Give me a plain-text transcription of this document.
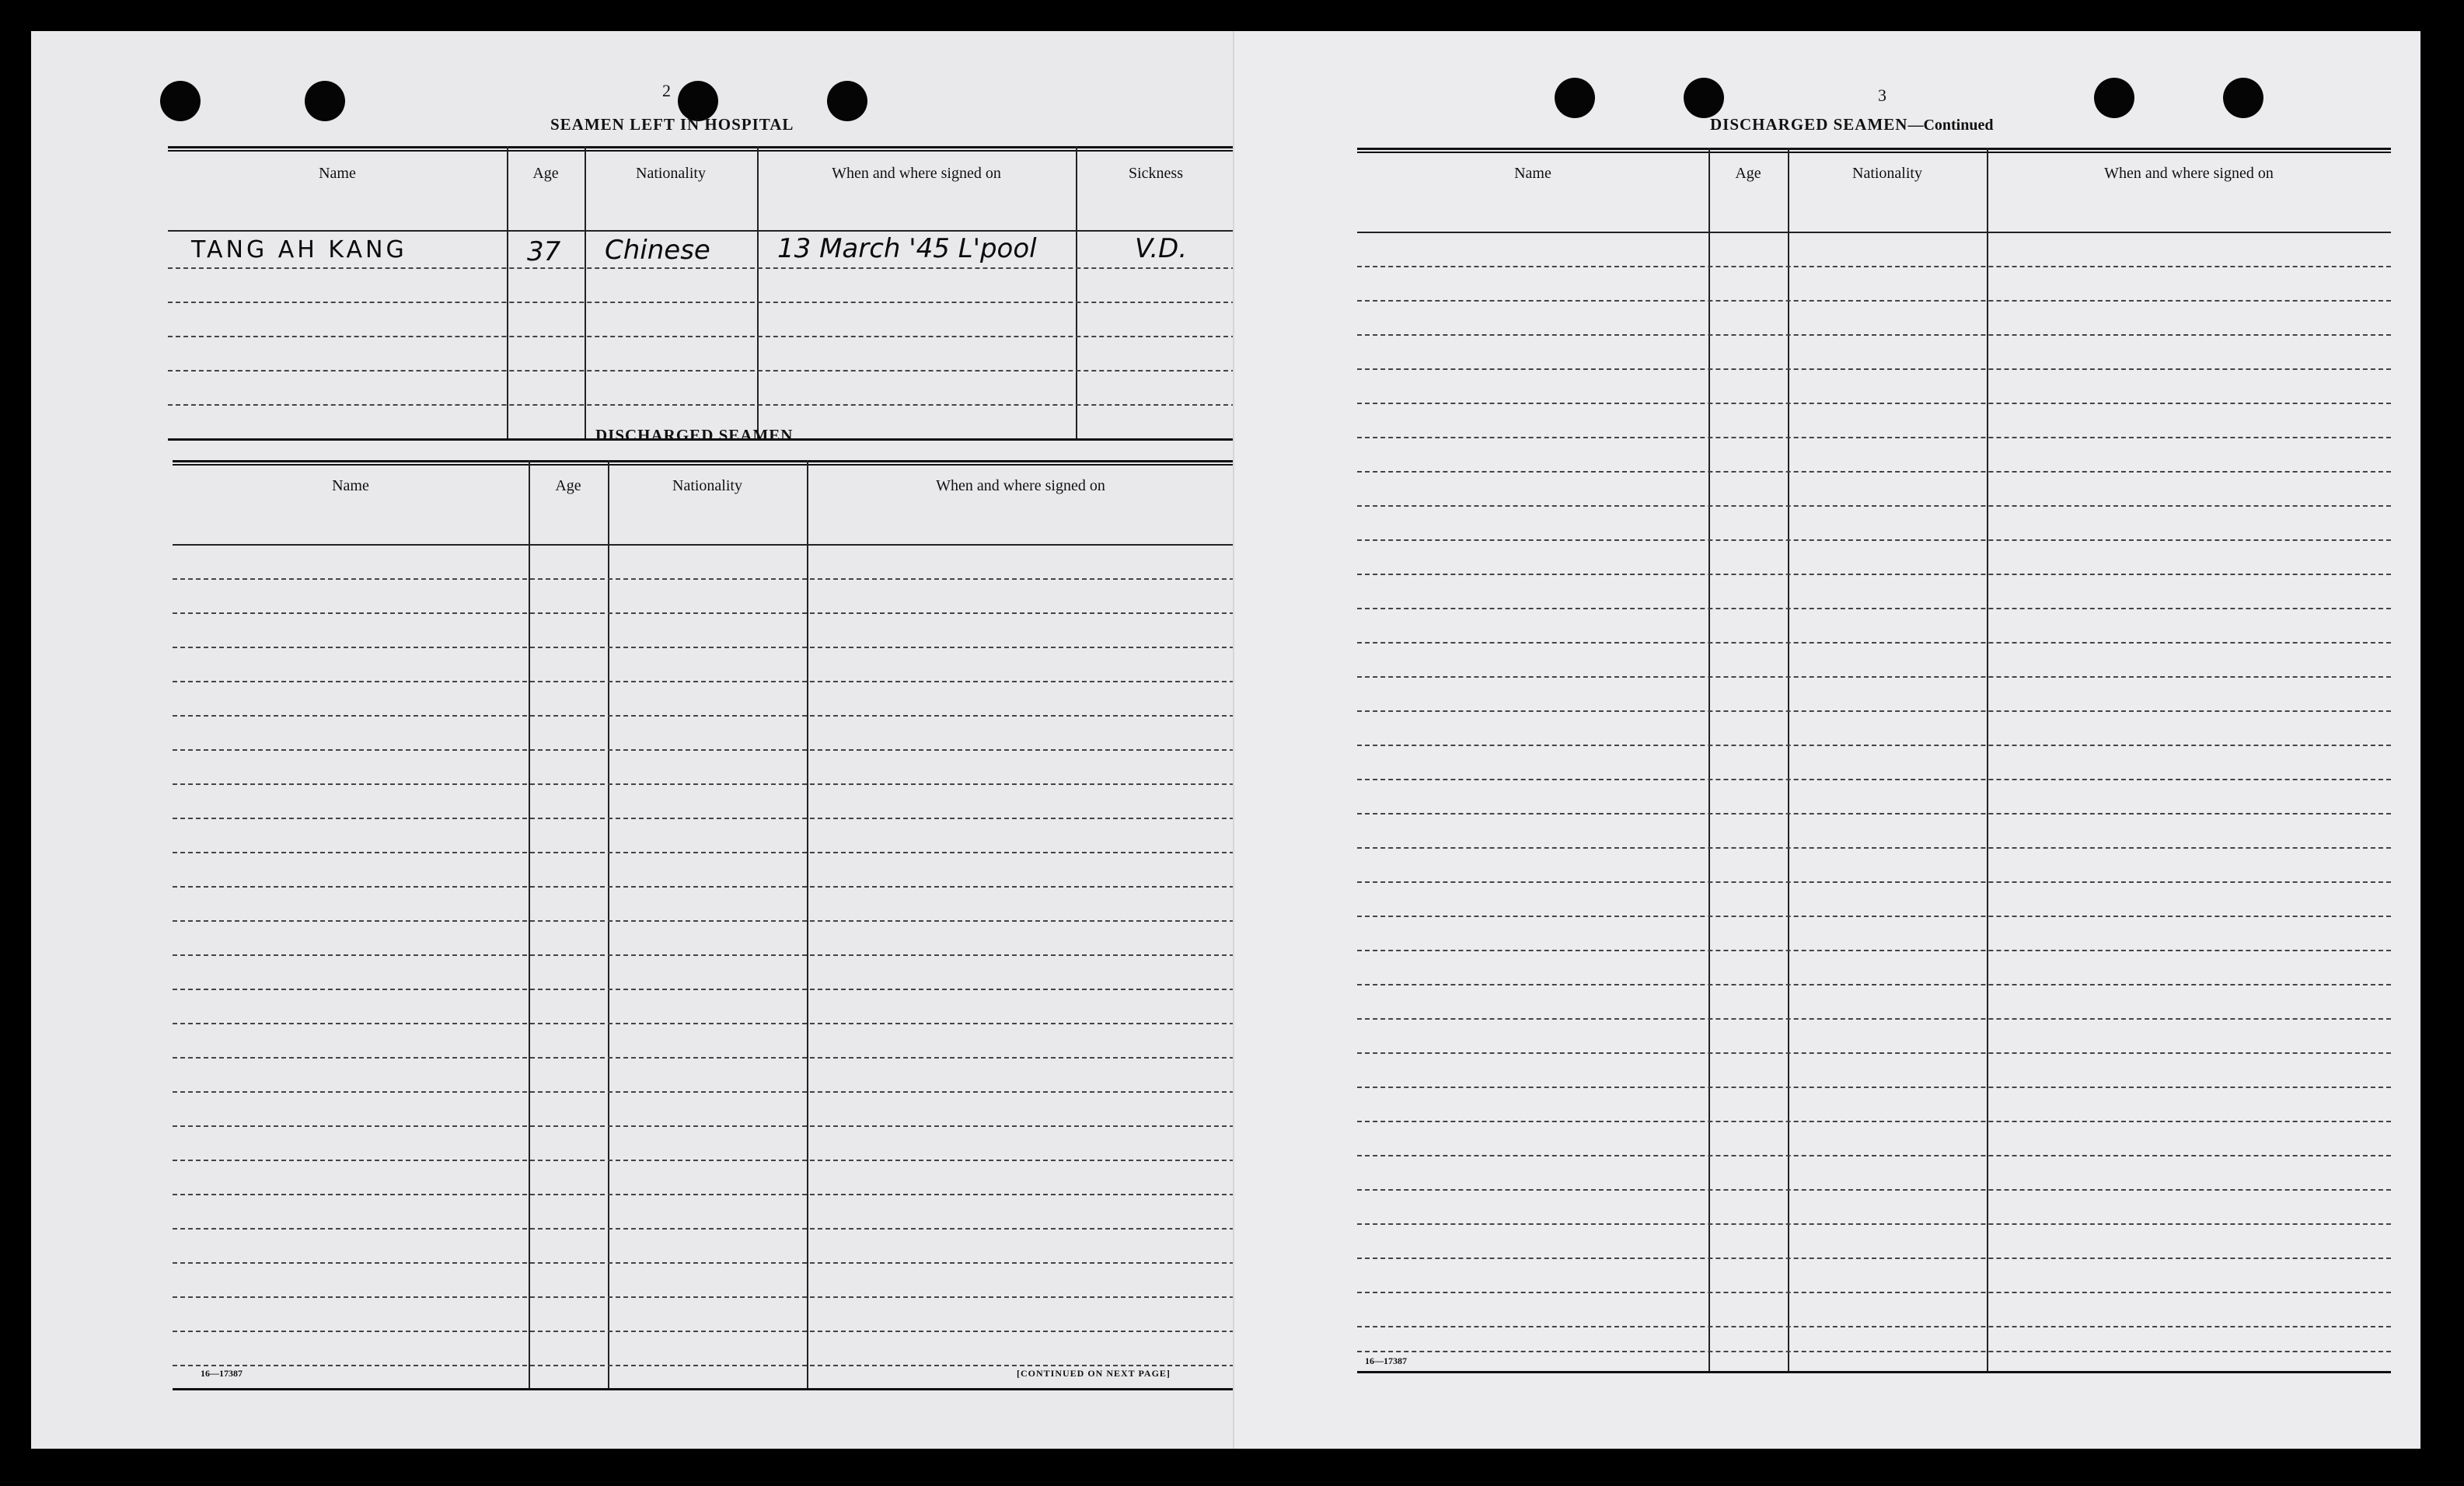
2
SEAMEN LEFT IN HOSPITAL
Name	Age	Nationality	When and where signed on	Sickness
TANG AH KANG	37 Chinese	13 March '45 L'pool	V.D.
DISCHARGED SEAMEN
Name	Age	Nationality	When and where signed on
16—17387	[CONTINUED ON NEXT PAGE]
3
DISCHARGED SEAMEN—Continued
Name	Age	Nationality	When and where signed on
16—17387
